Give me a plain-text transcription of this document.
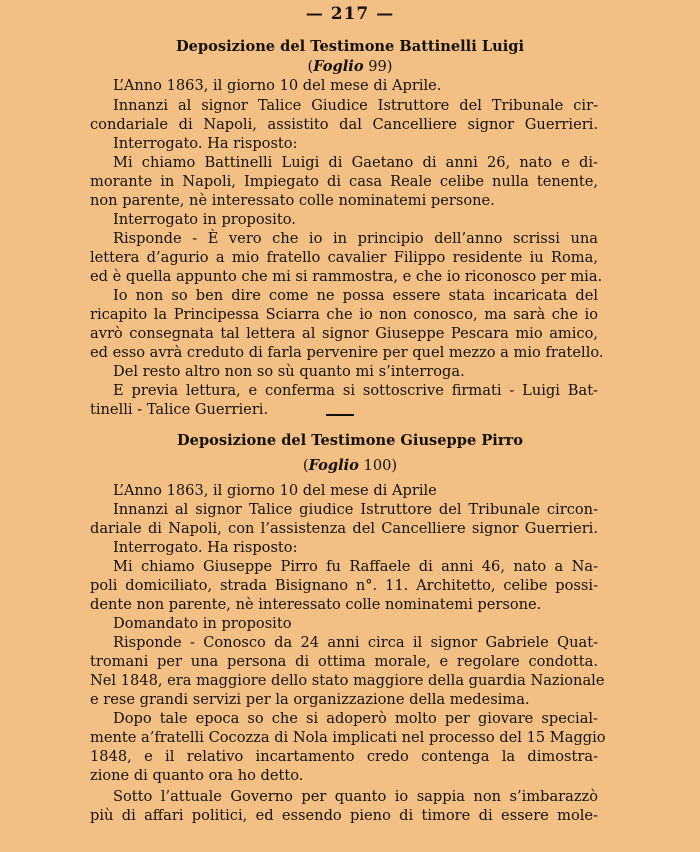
— 217 —
Deposizione del Testimone Battinelli Luigi
(Foglio 99)
L’Anno 1863, il giorno 10 del mese di Aprile.
Innanzi al signor Talice Giudice Istruttore del Tribunale cir-
condariale di Napoli, assistito dal Cancelliere signor Guerrieri.
Interrogato. Ha risposto:
Mi chiamo Battinelli Luigi di Gaetano di anni 26, nato e di-
morante in Napoli, Impiegato di casa Reale celibe nulla tenente,
non parente, nè interessato colle nominatemi persone.
Interrogato in proposito.
Risponde - È vero che io in principio dell’anno scrissi una
lettera d’agurio a mio fratello cavalier Filippo residente iu Roma,
ed è quella appunto che mi si rammostra, e che io riconosco per mia.
Io non so ben dire come ne possa essere stata incaricata del
ricapito la Principessa Sciarra che io non conosco, ma sarà che io
avrò consegnata tal lettera al signor Giuseppe Pescara mio amico,
ed esso avrà creduto di farla pervenire per quel mezzo a mio fratello.
Del resto altro non so sù quanto mi s’interroga.
E previa lettura, e conferma si sottoscrive firmati - Luigi Bat-
tinelli - Talice Guerrieri.
Deposizione del Testimone Giuseppe Pirro
(Foglio 100)
L’Anno 1863, il giorno 10 del mese di Aprile
Innanzi al signor Talice giudice Istruttore del Tribunale circon-
dariale di Napoli, con l’assistenza del Cancelliere signor Guerrieri.
Interrogato. Ha risposto:
Mi chiamo Giuseppe Pirro fu Raffaele di anni 46, nato a Na-
poli domiciliato, strada Bisignano n°. 11. Architetto, celibe possi-
dente non parente, nè interessato colle nominatemi persone.
Domandato in proposito
Risponde - Conosco da 24 anni circa il signor Gabriele Quat-
tromani per una persona di ottima morale, e regolare condotta.
Nel 1848, era maggiore dello stato maggiore della guardia Nazionale
e rese grandi servizi per la organizzazione della medesima.
Dopo tale epoca so che si adoperò molto per giovare special-
mente a’fratelli Cocozza di Nola implicati nel processo del 15 Maggio
1848, e il relativo incartamento credo contenga la dimostra-
zione di quanto ora ho detto.
Sotto l’attuale Governo per quanto io sappia non s’imbarazzò
più di affari politici, ed essendo pieno di timore di essere mole-
